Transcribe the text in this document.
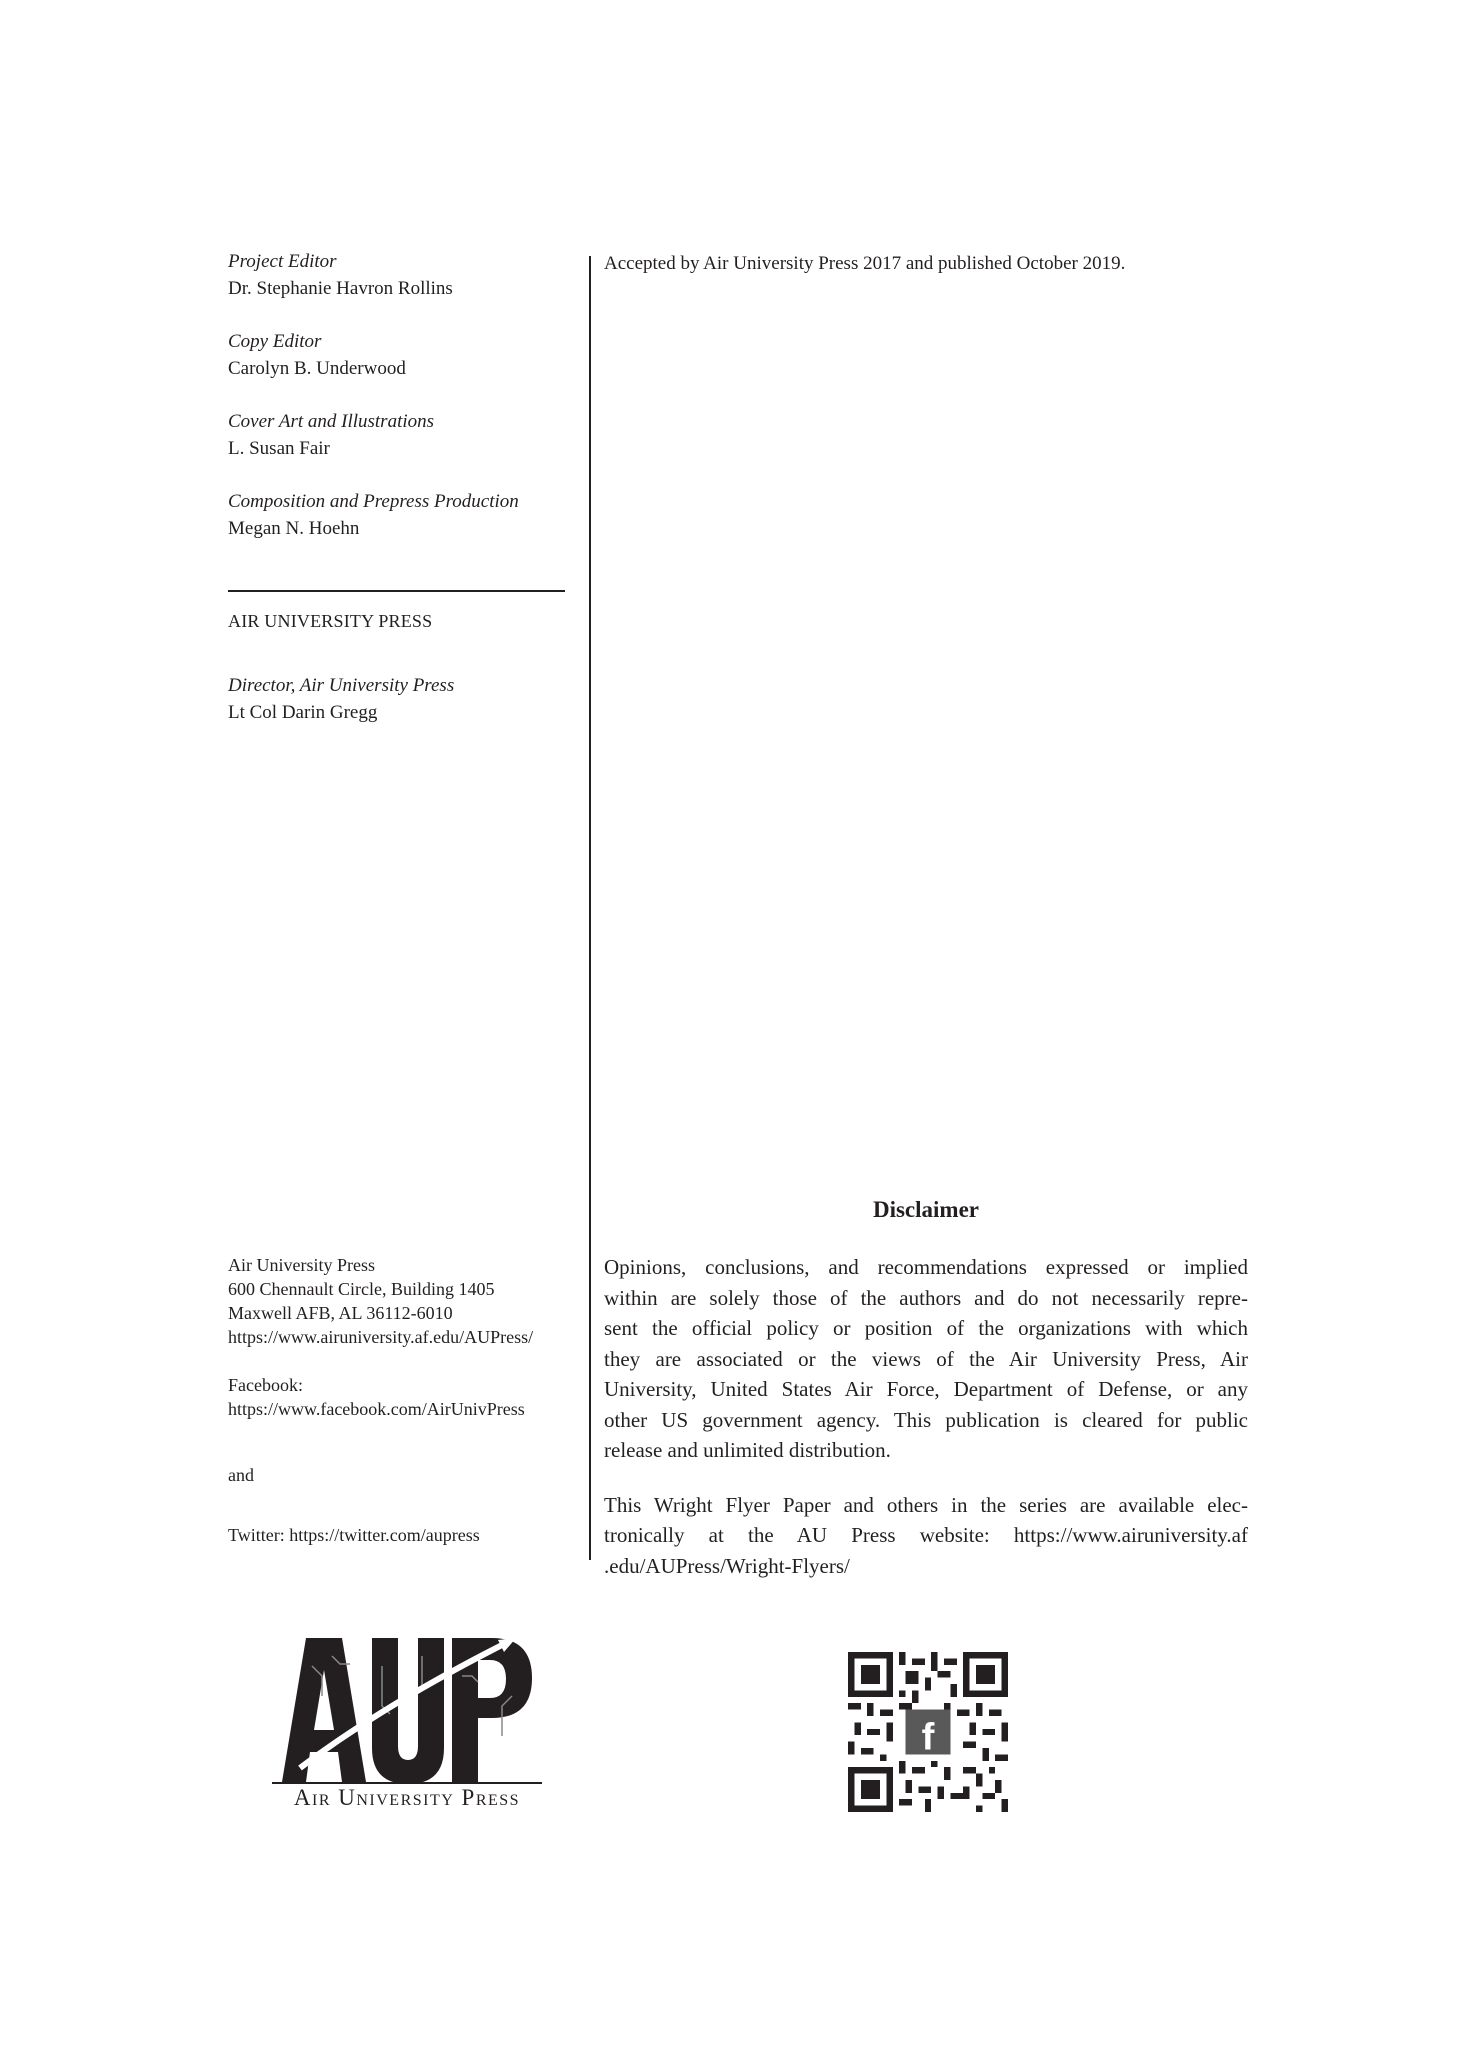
Project Editor
Dr. Stephanie Havron Rollins
Copy Editor
Carolyn B. Underwood
Cover Art and Illustrations
L. Susan Fair
Composition and Prepress Production
Megan N. Hoehn
AIR UNIVERSITY PRESS
Director, Air University Press
Lt Col Darin Gregg
Air University Press
600 Chennault Circle, Building 1405
Maxwell AFB, AL 36112-6010
https://www.airuniversity.af.edu/AUPress/
Facebook:
https://www.facebook.com/AirUnivPress
and
Twitter: https://twitter.com/aupress
Accepted by Air University Press 2017 and published October 2019.
Disclaimer

Opinions, conclusions, and recommendations expressed or implied
within are solely those of the authors and do not necessarily repre-
sent the official policy or position of the organizations with which
they are associated or the views of the Air University Press, Air
University, United States Air Force, Department of Defense, or any
other US government agency. This publication is cleared for public
release and unlimited distribution.

This Wright Flyer Paper and others in the series are available elec-
tronically at the AU Press website: https://www.airuniversity.af
.edu/AUPress/Wright-Flyers/

Air University Press
f
